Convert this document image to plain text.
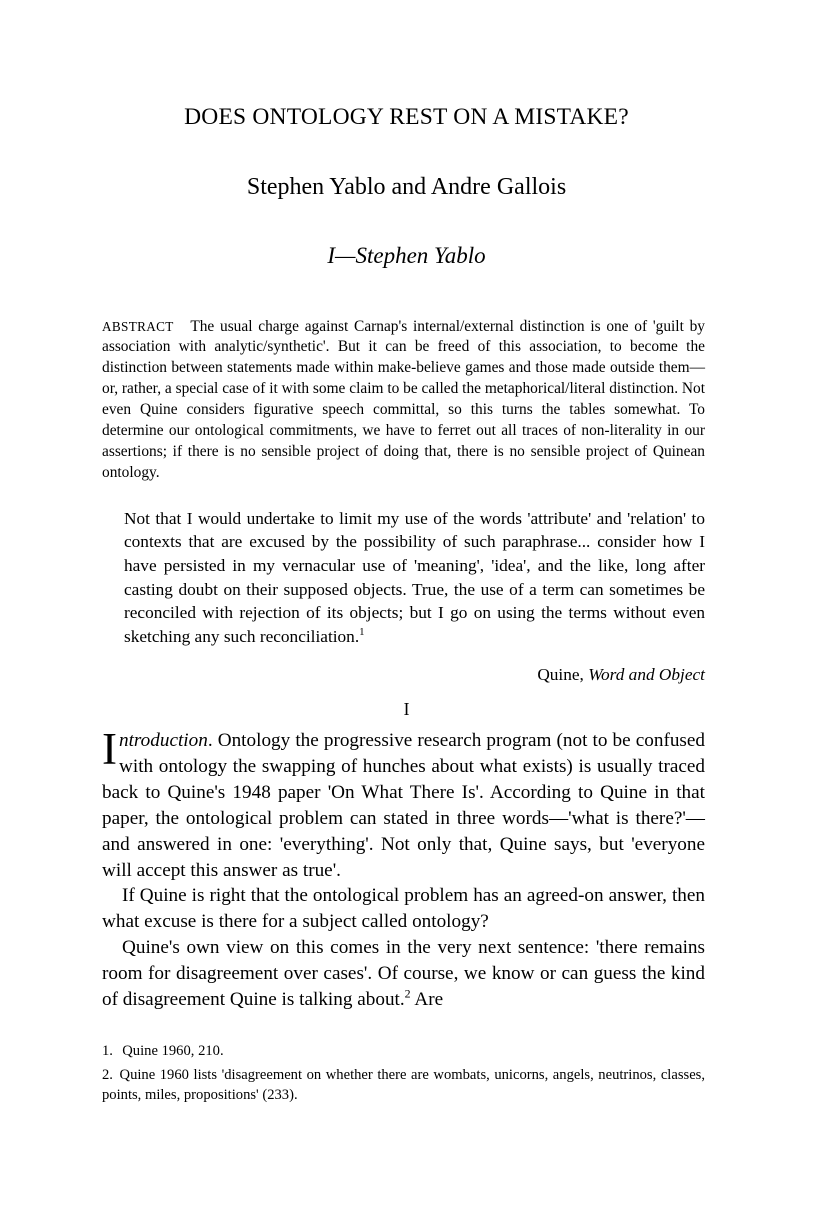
DOES ONTOLOGY REST ON A MISTAKE?
Stephen Yablo and Andre Gallois
I—Stephen Yablo
ABSTRACT The usual charge against Carnap's internal/external distinction is one of 'guilt by association with analytic/synthetic'. But it can be freed of this association, to become the distinction between statements made within make-believe games and those made outside them—or, rather, a special case of it with some claim to be called the metaphorical/literal distinction. Not even Quine considers figurative speech committal, so this turns the tables somewhat. To determine our ontological commitments, we have to ferret out all traces of non-literality in our assertions; if there is no sensible project of doing that, there is no sensible project of Quinean ontology.
Not that I would undertake to limit my use of the words 'attribute' and 'relation' to contexts that are excused by the possibility of such paraphrase... consider how I have persisted in my vernacular use of 'meaning', 'idea', and the like, long after casting doubt on their supposed objects. True, the use of a term can sometimes be reconciled with rejection of its objects; but I go on using the terms without even sketching any such reconciliation.$^1$
Quine, Word and Object
I

Introduction. Ontology the progressive research program (not to be confused with ontology the swapping of hunches about what exists) is usually traced back to Quine's 1948 paper 'On What There Is'. According to Quine in that paper, the ontological problem can stated in three words—'what is there?'—and answered in one: 'everything'. Not only that, Quine says, but 'everyone will accept this answer as true'.

If Quine is right that the ontological problem has an agreed-on answer, then what excuse is there for a subject called ontology?

Quine's own view on this comes in the very next sentence: 'there remains room for disagreement over cases'. Of course, we know or can guess the kind of disagreement Quine is talking about.$^2$ Are

1. Quine 1960, 210.

2. Quine 1960 lists 'disagreement on whether there are wombats, unicorns, angels, neutrinos, classes, points, miles, propositions' (233).
